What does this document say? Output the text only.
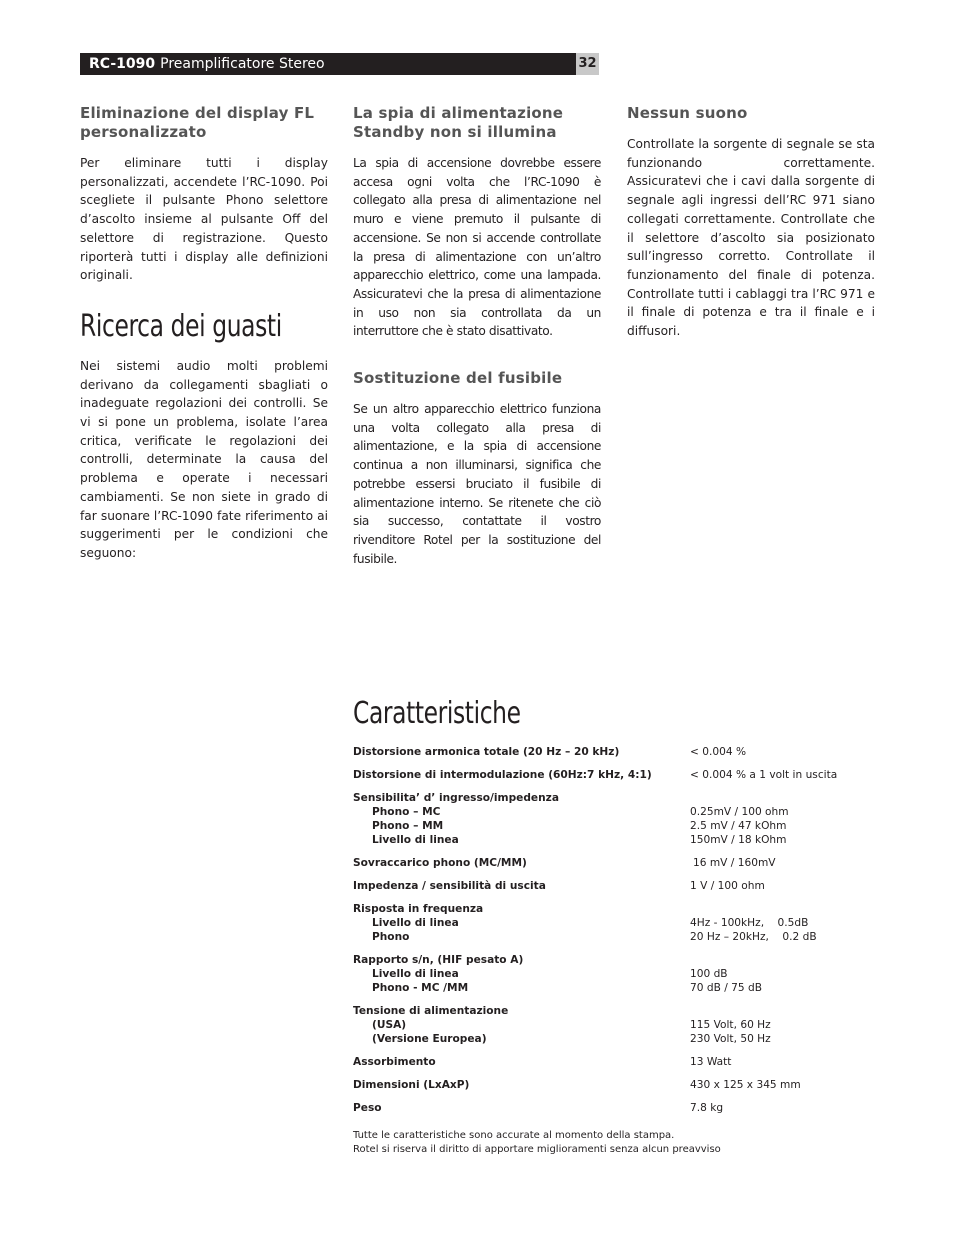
RC-1090 Preamplificatore Stereo	32
Eliminazione del display FL personalizzato

Per eliminare tutti i display personalizzati, accendete l’RC-1090. Poi scegliete il pulsante Phono selettore d’ascolto insieme al pulsante Off del selettore di registrazione. Questo riporterà tutti i display alle definizioni originali.

Ricerca dei guasti

Nei sistemi audio molti problemi derivano da collegamenti sbagliati o inadeguate regolazioni dei controlli. Se vi si pone un problema, isolate l’area critica, verificate le regolazioni dei controlli, determinate la causa del problema e operate i necessari cambiamenti. Se non siete in grado di far suonare l’RC-1090 fate riferimento ai suggerimenti per le condizioni che seguono:

La spia di alimentazione Standby non si illumina

La spia di accensione dovrebbe essere accesa ogni volta che l’RC-1090 è collegato alla presa di alimentazione nel muro e viene premuto il pulsante di accensione. Se non si accende controllate la presa di alimentazione con un’altro apparecchio elettrico, come una lampada. Assicuratevi che la presa di alimentazione in uso non sia controllata da un interruttore che è stato disattivato.

Sostituzione del fusibile

Se un altro apparecchio elettrico funziona una volta collegato alla presa di alimentazione, e la spia di accensione continua a non illuminarsi, significa che potrebbe essersi bruciato il fusibile di alimentazione interno. Se ritenete che ciò sia successo, contattate il vostro rivenditore Rotel per la sostituzione del fusibile.

Nessun suono

Controllate la sorgente di segnale se sta funzionando correttamente. Assicuratevi che i cavi dalla sorgente di segnale agli ingressi dell’RC 971 siano collegati correttamente. Controllate che il selettore d’ascolto sia posizionato sull’ingresso corretto. Controllate il funzionamento del finale di potenza. Controllate tutti i cablaggi tra l’RC 971 e il finale di potenza e tra il finale e i diffusori.

Caratteristiche
Distorsione armonica totale (20 Hz – 20 kHz)	< 0.004 %
Distorsione di intermodulazione (60Hz:7 kHz, 4:1)	< 0.004 % a 1 volt in uscita
Sensibilita’ d’ ingresso/impedenza
Phono – MC	0.25mV / 100 ohm
Phono – MM	2.5 mV / 47 kOhm
Livello di linea	150mV / 18 kOhm
Sovraccarico phono (MC/MM)	16 mV / 160mV
Impedenza / sensibilità di uscita	1 V / 100 ohm
Risposta in frequenza
Livello di linea	4Hz - 100kHz,    0.5dB
Phono	20 Hz – 20kHz,    0.2 dB
Rapporto s/n, (HIF pesato A)
Livello di linea	100 dB
Phono - MC /MM	70 dB / 75 dB
Tensione di alimentazione
(USA)	115 Volt, 60 Hz
(Versione Europea)	230 Volt, 50 Hz
Assorbimento	13 Watt
Dimensioni (LxAxP)	430 x 125 x 345 mm
Peso	7.8 kg
Tutte le caratteristiche sono accurate al momento della stampa.
Rotel si riserva il diritto di apportare miglioramenti senza alcun preavviso
